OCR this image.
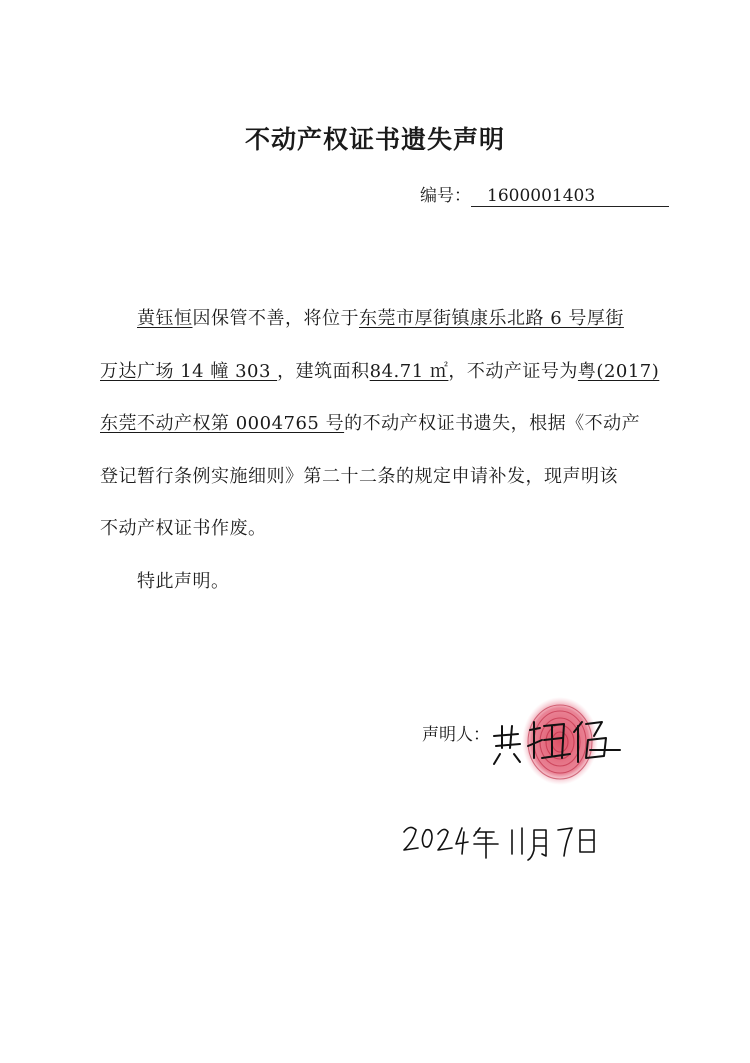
不动产权证书遗失声明
编号： 1600001403
黄钰恒因保管不善，将位于东莞市厚街镇康乐北路 6 号厚街
万达广场 14 幢 303 ，建筑面积84.71 ㎡，不动产证号为粤(2017)
东莞不动产权第 0004765 号的不动产权证书遗失，根据《不动产
登记暂行条例实施细则》第二十二条的规定申请补发，现声明该
不动产权证书作废。
特此声明。
声明人：
